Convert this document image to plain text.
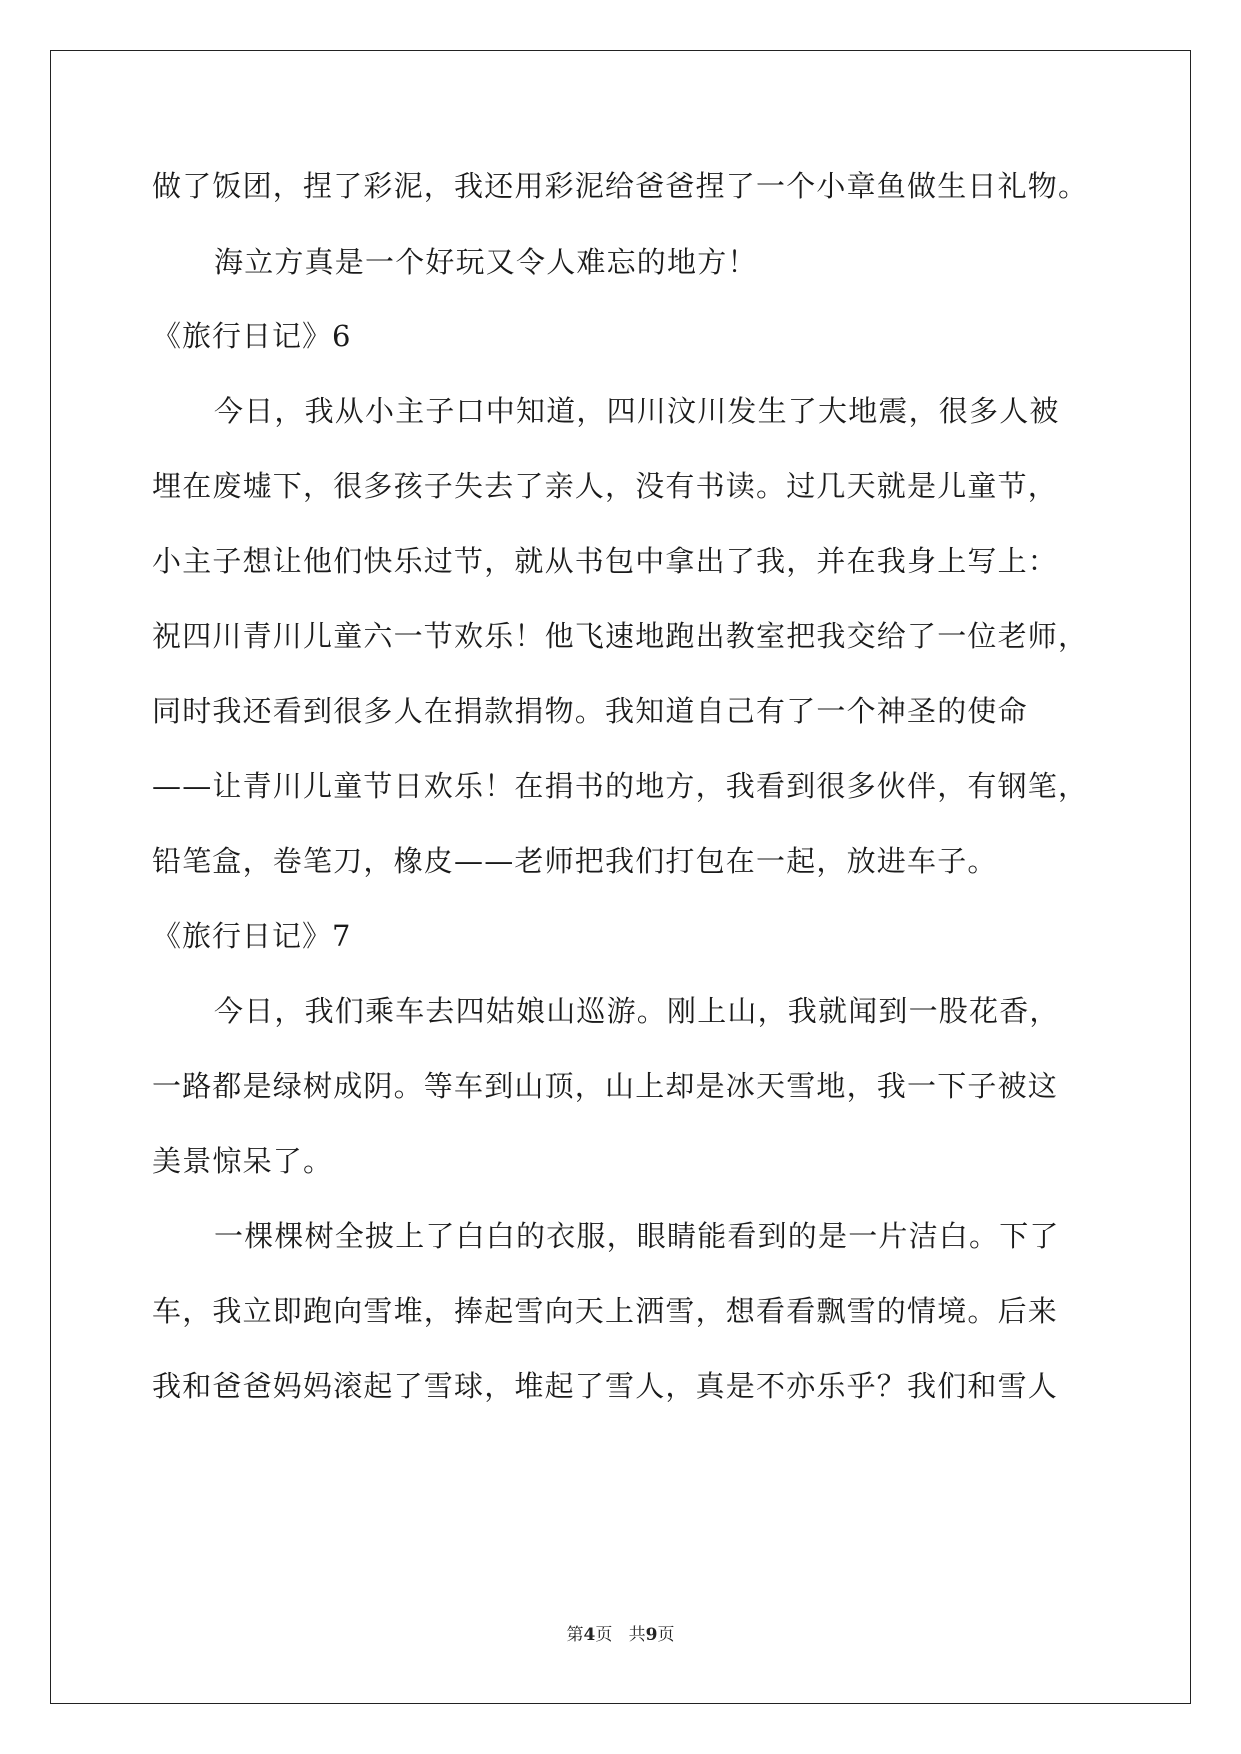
做了饭团，捏了彩泥，我还用彩泥给爸爸捏了一个小章鱼做生日礼物。
海立方真是一个好玩又令人难忘的地方！
《旅行日记》6
今日，我从小主子口中知道，四川汶川发生了大地震，很多人被
埋在废墟下，很多孩子失去了亲人，没有书读。过几天就是儿童节，
小主子想让他们快乐过节，就从书包中拿出了我，并在我身上写上：
祝四川青川儿童六一节欢乐！他飞速地跑出教室把我交给了一位老师，
同时我还看到很多人在捐款捐物。我知道自己有了一个神圣的使命
——让青川儿童节日欢乐！在捐书的地方，我看到很多伙伴，有钢笔，
铅笔盒，卷笔刀，橡皮——老师把我们打包在一起，放进车子。
《旅行日记》7
今日，我们乘车去四姑娘山巡游。刚上山，我就闻到一股花香，
一路都是绿树成阴。等车到山顶，山上却是冰天雪地，我一下子被这
美景惊呆了。
一棵棵树全披上了白白的衣服，眼睛能看到的是一片洁白。下了
车，我立即跑向雪堆，捧起雪向天上洒雪，想看看飘雪的情境。后来
我和爸爸妈妈滚起了雪球，堆起了雪人，真是不亦乐乎？我们和雪人
第4页 共9页
